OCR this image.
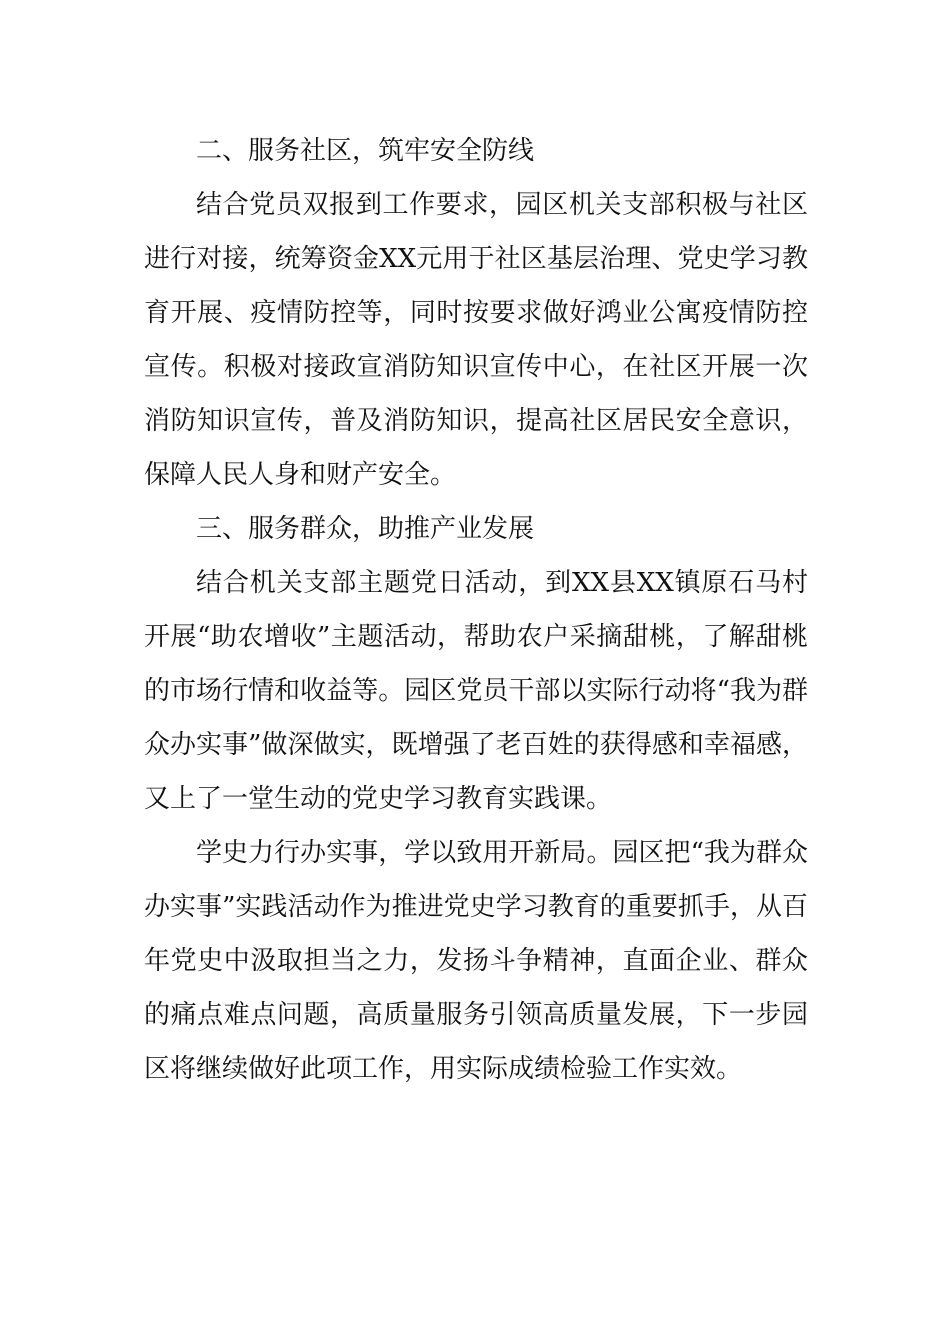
二、服务社区，筑牢安全防线

结合党员双报到工作要求，园区机关支部积极与社区进行对接，统筹资金XX元用于社区基层治理、党史学习教育开展、疫情防控等，同时按要求做好鸿业公寓疫情防控宣传。积极对接政宣消防知识宣传中心，在社区开展一次消防知识宣传，普及消防知识，提高社区居民安全意识，保障人民人身和财产安全。

三、服务群众，助推产业发展

结合机关支部主题党日活动，到XX县XX镇原石马村开展“助农增收”主题活动，帮助农户采摘甜桃，了解甜桃的市场行情和收益等。园区党员干部以实际行动将“我为群众办实事”做深做实，既增强了老百姓的获得感和幸福感，又上了一堂生动的党史学习教育实践课。

学史力行办实事，学以致用开新局。园区把“我为群众办实事”实践活动作为推进党史学习教育的重要抓手，从百年党史中汲取担当之力，发扬斗争精神，直面企业、群众的痛点难点问题，高质量服务引领高质量发展，下一步园区将继续做好此项工作，用实际成绩检验工作实效。
